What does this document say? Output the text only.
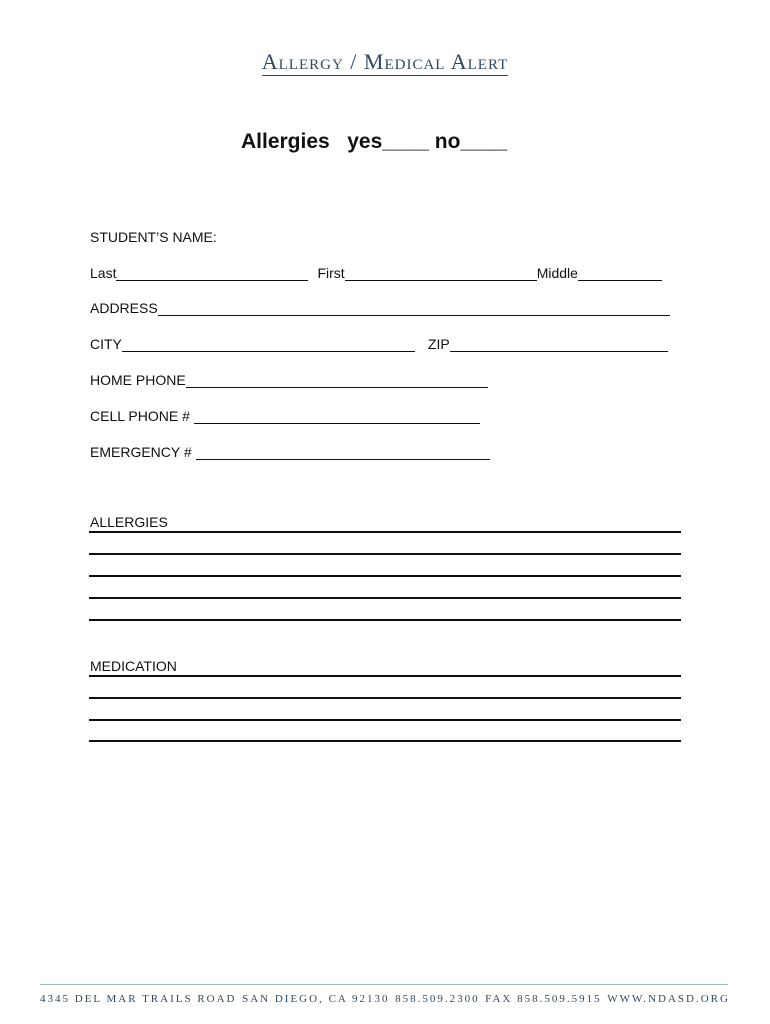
Allergy / Medical Alert
Allergies   yes____ no____
STUDENT’S NAME:
Last	First	Middle
ADDRESS
CITY	ZIP
HOME PHONE
CELL PHONE #
EMERGENCY #
ALLERGIES
MEDICATION
4345 DEL MAR TRAILS ROAD SAN DIEGO, CA 92130 858.509.2300 FAX 858.509.5915 WWW.NDASD.ORG
